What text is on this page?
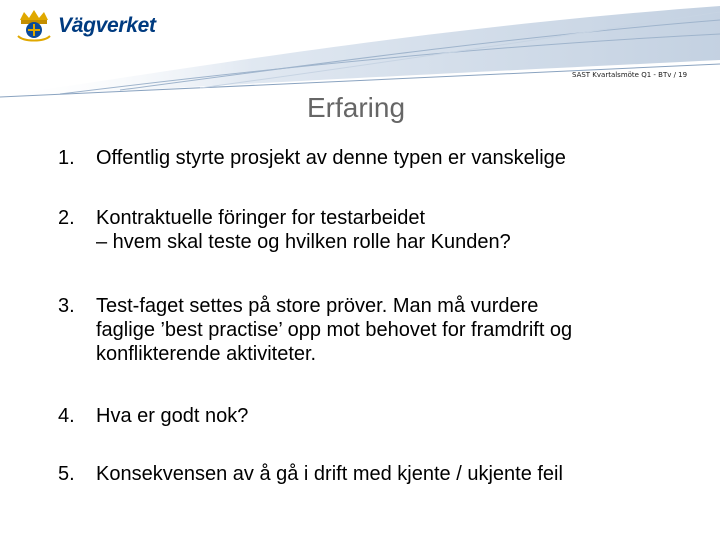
Vägverket
SAST Kvartalsmöte Q1 - BTv / 19
Erfaring
1.	Offentlig styrte prosjekt av denne typen er vanskelige
2.	Kontraktuelle föringer for testarbeidet
– hvem skal teste og hvilken rolle har Kunden?
3.	Test-faget settes på store pröver. Man må vurdere
faglige ’best practise’ opp mot behovet for framdrift og
konflikterende aktiviteter.
4.	Hva er godt nok?
5.	Konsekvensen av å gå i drift med kjente / ukjente feil
